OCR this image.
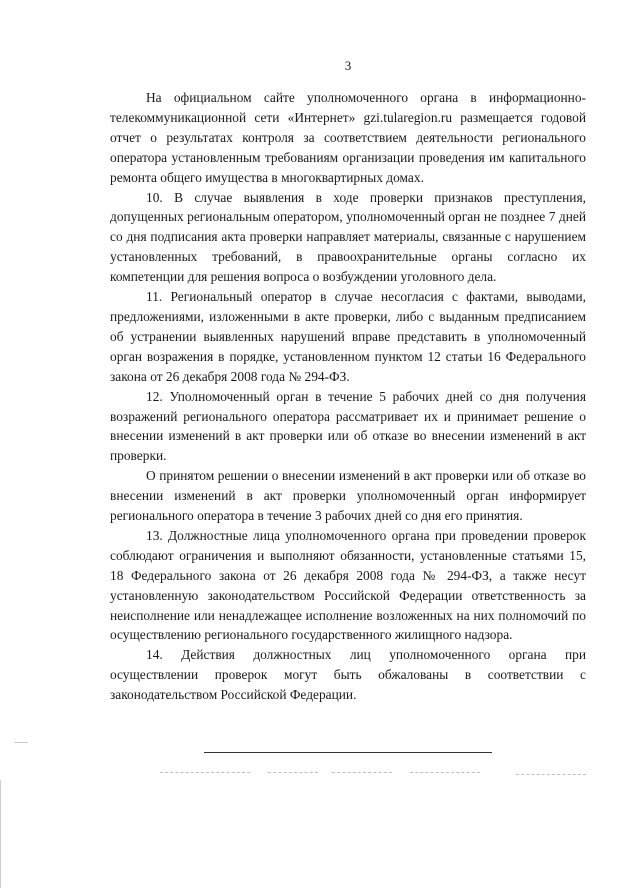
3

На официальном сайте уполномоченного органа в информационно-телекоммуникационной сети «Интернет» gzi.tularegion.ru размещается годовой отчет о результатах контроля за соответствием деятельности регионального оператора установленным требованиям организации проведения им капитального ремонта общего имущества в многоквартирных домах.

10. В случае выявления в ходе проверки признаков преступления, допущенных региональным оператором, уполномоченный орган не позднее 7 дней со дня подписания акта проверки направляет материалы, связанные с нарушением установленных требований, в правоохранительные органы согласно их компетенции для решения вопроса о возбуждении уголовного дела.

11. Региональный оператор в случае несогласия с фактами, выводами, предложениями, изложенными в акте проверки, либо с выданным предписанием об устранении выявленных нарушений вправе представить в уполномоченный орган возражения в порядке, установленном пунктом 12 статьи 16 Федерального закона от 26 декабря 2008 года № 294-ФЗ.

12. Уполномоченный орган в течение 5 рабочих дней со дня получения возражений регионального оператора рассматривает их и принимает решение о внесении изменений в акт проверки или об отказе во внесении изменений в акт проверки.

О принятом решении о внесении изменений в акт проверки или об отказе во внесении изменений в акт проверки уполномоченный орган информирует регионального оператора в течение 3 рабочих дней со дня его принятия.

13. Должностные лица уполномоченного органа при проведении проверок соблюдают ограничения и выполняют обязанности, установленные статьями 15, 18 Федерального закона от 26 декабря 2008 года № 294-ФЗ, а также несут установленную законодательством Российской Федерации ответственность за неисполнение или ненадлежащее исполнение возложенных на них полномочий по осуществлению регионального государственного жилищного надзора.

14. Действия должностных лиц уполномоченного органа при осуществлении проверок могут быть обжалованы в соответствии с законодательством Российской Федерации.
